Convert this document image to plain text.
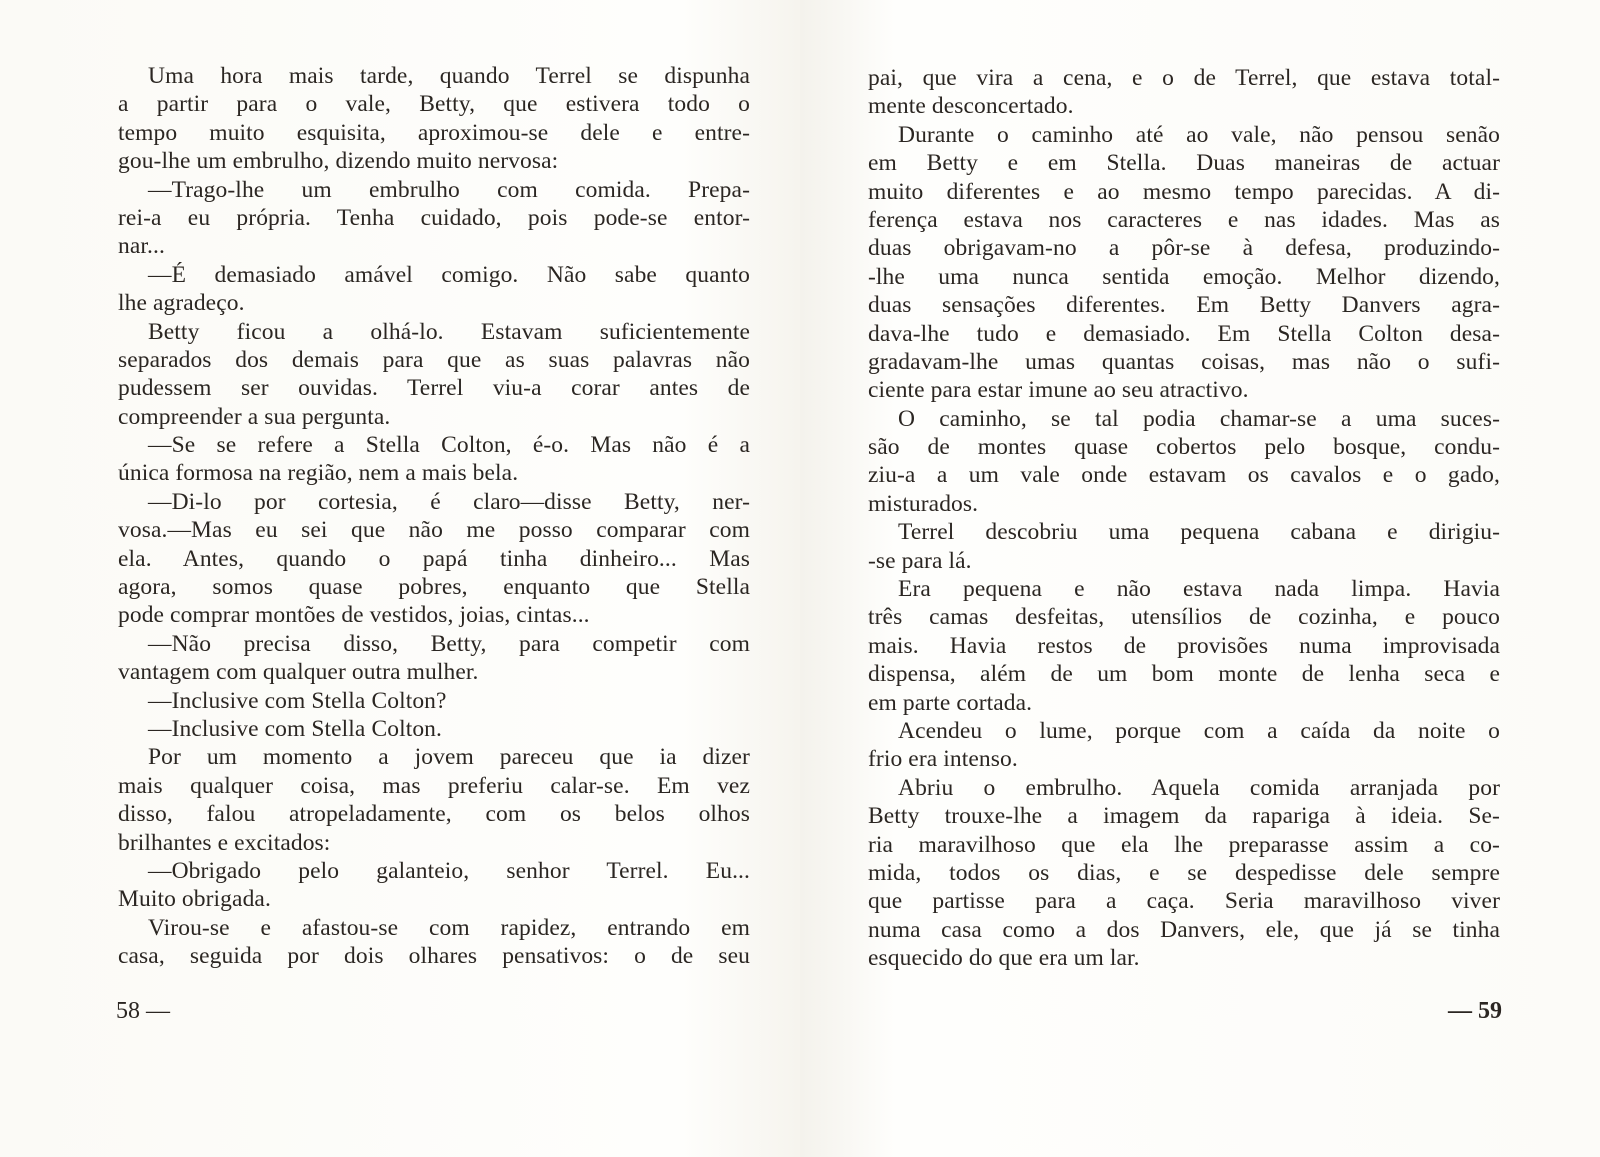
Uma hora mais tarde, quando Terrel se dispunha
a partir para o vale, Betty, que estivera todo o
tempo muito esquisita, aproximou-se dele e entre-
gou-lhe um embrulho, dizendo muito nervosa:
—Trago-lhe um embrulho com comida. Prepa-
rei-a eu própria. Tenha cuidado, pois pode-se entor-
nar...
—É demasiado amável comigo. Não sabe quanto
lhe agradeço.
Betty ficou a olhá-lo. Estavam suficientemente
separados dos demais para que as suas palavras não
pudessem ser ouvidas. Terrel viu-a corar antes de
compreender a sua pergunta.
—Se se refere a Stella Colton, é-o. Mas não é a
única formosa na região, nem a mais bela.
—Di-lo por cortesia, é claro—disse Betty, ner-
vosa.—Mas eu sei que não me posso comparar com
ela. Antes, quando o papá tinha dinheiro... Mas
agora, somos quase pobres, enquanto que Stella
pode comprar montões de vestidos, joias, cintas...
—Não precisa disso, Betty, para competir com
vantagem com qualquer outra mulher.
—Inclusive com Stella Colton?
—Inclusive com Stella Colton.
Por um momento a jovem pareceu que ia dizer
mais qualquer coisa, mas preferiu calar-se. Em vez
disso, falou atropeladamente, com os belos olhos
brilhantes e excitados:
—Obrigado pelo galanteio, senhor Terrel. Eu...
Muito obrigada.
Virou-se e afastou-se com rapidez, entrando em
casa, seguida por dois olhares pensativos: o de seu
58 —
pai, que vira a cena, e o de Terrel, que estava total-
mente desconcertado.
Durante o caminho até ao vale, não pensou senão
em Betty e em Stella. Duas maneiras de actuar
muito diferentes e ao mesmo tempo parecidas. A di-
ferença estava nos caracteres e nas idades. Mas as
duas obrigavam-no a pôr-se à defesa, produzindo-
-lhe uma nunca sentida emoção. Melhor dizendo,
duas sensações diferentes. Em Betty Danvers agra-
dava-lhe tudo e demasiado. Em Stella Colton desa-
gradavam-lhe umas quantas coisas, mas não o sufi-
ciente para estar imune ao seu atractivo.
O caminho, se tal podia chamar-se a uma suces-
são de montes quase cobertos pelo bosque, condu-
ziu-a a um vale onde estavam os cavalos e o gado,
misturados.
Terrel descobriu uma pequena cabana e dirigiu-
-se para lá.
Era pequena e não estava nada limpa. Havia
três camas desfeitas, utensílios de cozinha, e pouco
mais. Havia restos de provisões numa improvisada
dispensa, além de um bom monte de lenha seca e
em parte cortada.
Acendeu o lume, porque com a caída da noite o
frio era intenso.
Abriu o embrulho. Aquela comida arranjada por
Betty trouxe-lhe a imagem da rapariga à ideia. Se-
ria maravilhoso que ela lhe preparasse assim a co-
mida, todos os dias, e se despedisse dele sempre
que partisse para a caça. Seria maravilhoso viver
numa casa como a dos Danvers, ele, que já se tinha
esquecido do que era um lar.
— 59
